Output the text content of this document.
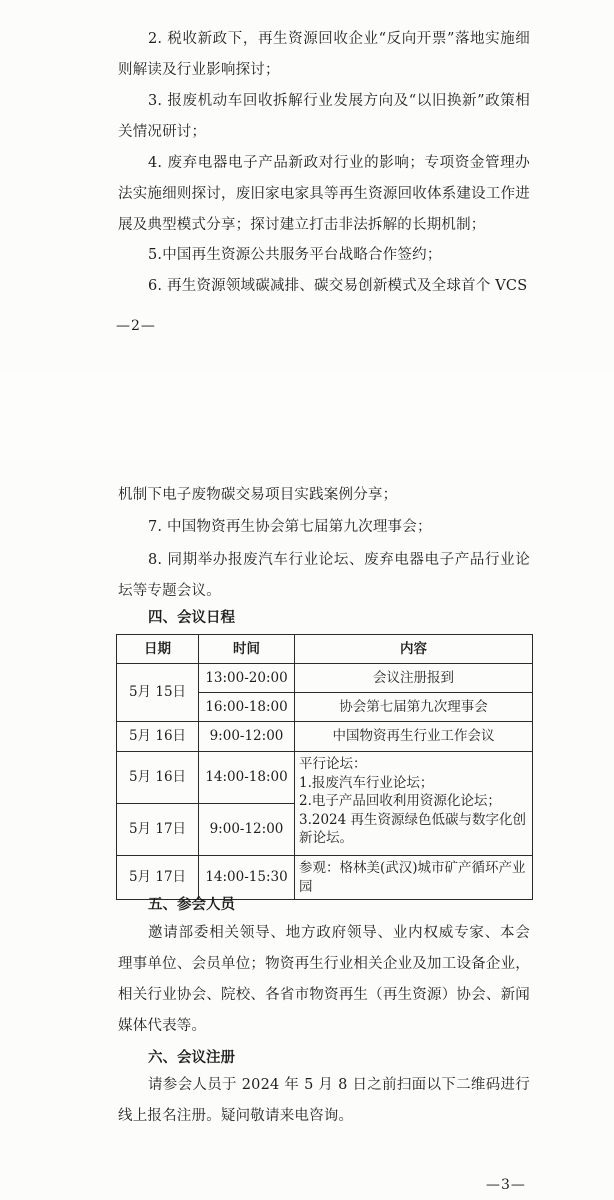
2. 税收新政下，再生资源回收企业“反向开票”落地实施细则解读及行业影响探讨；

3. 报废机动车回收拆解行业发展方向及“以旧换新”政策相关情况研讨；

4. 废弃电器电子产品新政对行业的影响；专项资金管理办法实施细则探讨，废旧家电家具等再生资源回收体系建设工作进展及典型模式分享；探讨建立打击非法拆解的长期机制；

5.中国再生资源公共服务平台战略合作签约；

6. 再生资源领域碳减排、碳交易创新模式及全球首个 VCS

—2—

机制下电子废物碳交易项目实践案例分享；

7. 中国物资再生协会第七届第九次理事会；

8. 同期举办报废汽车行业论坛、废弃电器电子产品行业论坛等专题会议。

四、会议日程
日期	时间	内容
5月 15日	13:00-20:00	会议注册报到
	16:00-18:00	协会第七届第九次理事会
5月 16日	9:00-12:00	中国物资再生行业工作会议
5月 16日	14:00-18:00	平行论坛：
1.报废汽车行业论坛；
2.电子产品回收利用资源化论坛；
3.2024 再生资源绿色低碳与数字化创新论坛。

5月 17日	9:00-12:00	
5月 17日	14:00-15:30	参观：格林美(武汉)城市矿产循环产业园
五、参会人员

邀请部委相关领导、地方政府领导、业内权威专家、本会理事单位、会员单位；物资再生行业相关企业及加工设备企业，相关行业协会、院校、各省市物资再生（再生资源）协会、新闻媒体代表等。

六、会议注册

请参会人员于 2024 年 5 月 8 日之前扫面以下二维码进行线上报名注册。疑问敬请来电咨询。

—3—
